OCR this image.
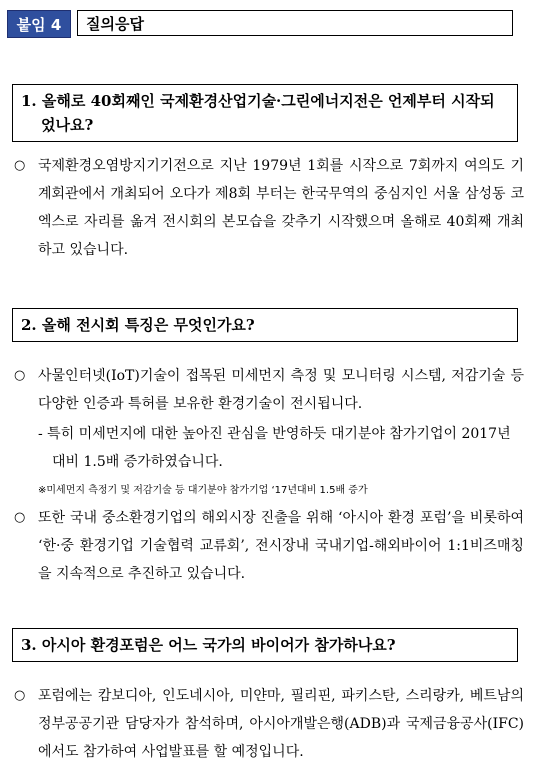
붙임 4	질의응답
1. 올해로 40회째인 국제환경산업기술·그린에너지전은 언제부터 시작되었나요?
○ 국제환경오염방지기기전으로 지난 1979년 1회를 시작으로 7회까지 여의도 기계회관에서 개최되어 오다가 제8회 부터는 한국무역의 중심지인 서울 삼성동 코엑스로 자리를 옮겨 전시회의 본모습을 갖추기 시작했으며 올해로 40회째 개최하고 있습니다.
2. 올해 전시회 특징은 무엇인가요?
○ 사물인터넷(IoT)기술이 접목된 미세먼지 측정 및 모니터링 시스템, 저감기술 등 다양한 인증과 특허를 보유한 환경기술이 전시됩니다.
- 특히 미세먼지에 대한 높아진 관심을 반영하듯 대기분야 참가기업이 2017년 대비 1.5배 증가하였습니다.
※미세먼지 측정기 및 저감기술 등 대기분야 참가기업 ‘17년대비 1.5배 증가
○ 또한 국내 중소환경기업의 해외시장 진출을 위해 ‘아시아 환경 포럼’을 비롯하여 ‘한·중 환경기업 기술협력 교류회’, 전시장내 국내기업-해외바이어 1:1비즈매칭을 지속적으로 추진하고 있습니다.
3. 아시아 환경포럼은 어느 국가의 바이어가 참가하나요?
○ 포럼에는 캄보디아, 인도네시아, 미얀마, 필리핀, 파키스탄, 스리랑카, 베트남의 정부공공기관 담당자가 참석하며, 아시아개발은행(ADB)과 국제금융공사(IFC)에서도 참가하여 사업발표를 할 예정입니다.
